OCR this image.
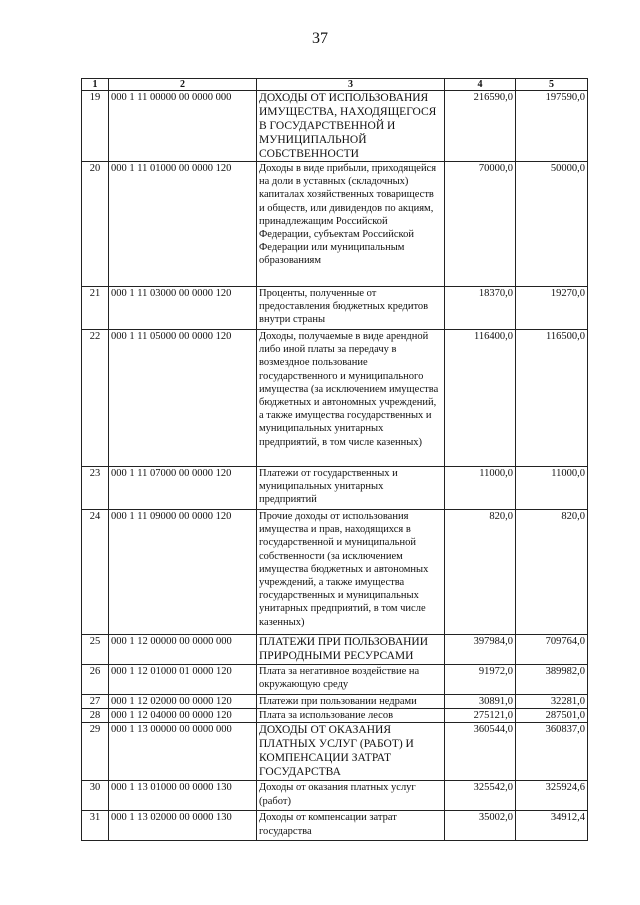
37
1	2	3	4	5
19	000 1 11 00000 00 0000 000	ДОХОДЫ ОТ ИСПОЛЬЗОВАНИЯ ИМУЩЕСТВА, НАХОДЯЩЕГОСЯ В ГОСУДАРСТВЕННОЙ И МУНИЦИПАЛЬНОЙ СОБСТВЕННОСТИ	216590,0	197590,0
20	000 1 11 01000 00 0000 120	Доходы в виде прибыли, приходящейся на доли в уставных (складочных) капиталах хозяйственных товариществ и обществ, или дивидендов по акциям, принадлежащим Российской Федерации, субъектам Российской Федерации или муниципальным образованиям	70000,0	50000,0
21	000 1 11 03000 00 0000 120	Проценты, полученные от предоставления бюджетных кредитов внутри страны	18370,0	19270,0
22	000 1 11 05000 00 0000 120	Доходы, получаемые в виде арендной либо иной платы за передачу в возмездное пользование государственного и муниципального имущества (за исключением имущества бюджетных и автономных учреждений, а также имущества государственных и муниципальных унитарных предприятий, в том числе казенных)	116400,0	116500,0
23	000 1 11 07000 00 0000 120	Платежи от государственных и муниципальных унитарных предприятий	11000,0	11000,0
24	000 1 11 09000 00 0000 120	Прочие доходы от использования имущества и прав, находящихся в государственной и муниципальной собственности (за исключением имущества бюджетных и автономных учреждений, а также имущества государственных и муниципальных унитарных предприятий, в том числе казенных)	820,0	820,0
25	000 1 12 00000 00 0000 000	ПЛАТЕЖИ ПРИ ПОЛЬЗОВАНИИ ПРИРОДНЫМИ РЕСУРСАМИ	397984,0	709764,0
26	000 1 12 01000 01 0000 120	Плата за негативное воздействие на окружающую среду	91972,0	389982,0
27	000 1 12 02000 00 0000 120	Платежи при пользовании недрами	30891,0	32281,0
28	000 1 12 04000 00 0000 120	Плата за использование лесов	275121,0	287501,0
29	000 1 13 00000 00 0000 000	ДОХОДЫ ОТ ОКАЗАНИЯ ПЛАТНЫХ УСЛУГ (РАБОТ) И КОМПЕНСАЦИИ ЗАТРАТ ГОСУДАРСТВА	360544,0	360837,0
30	000 1 13 01000 00 0000 130	Доходы от оказания платных услуг (работ)	325542,0	325924,6
31	000 1 13 02000 00 0000 130	Доходы от компенсации затрат государства	35002,0	34912,4
